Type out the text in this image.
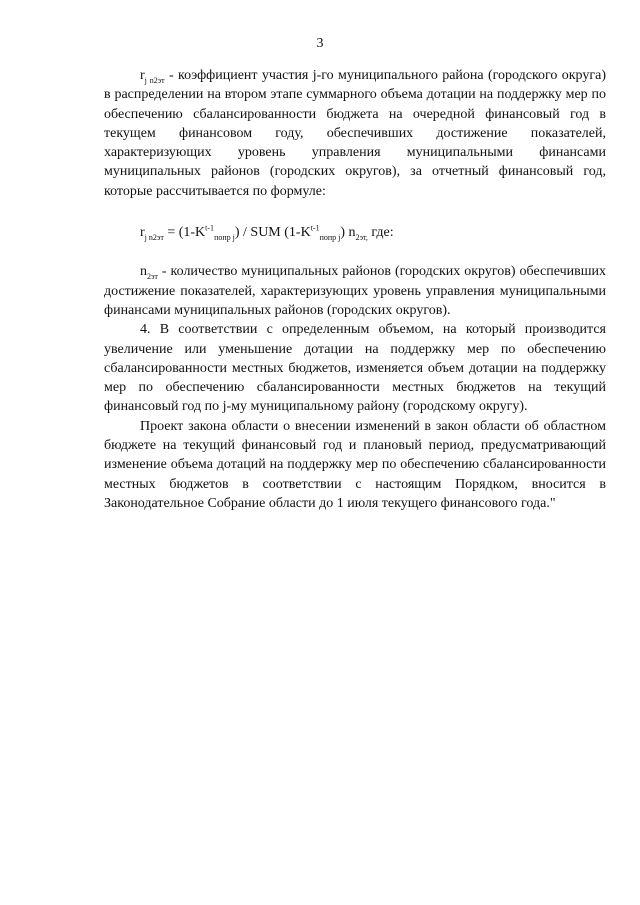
3

$r_{j n2эт}$ - коэффициент участия j-го муниципального района (городского округа) в распределении на втором этапе суммарного объема дотации на поддержку мер по обеспечению сбалансированности бюджета на очередной финансовый год в текущем финансовом году, обеспечивших достижение показателей, характеризующих уровень управления муниципальными финансами муниципальных районов (городских округов), за отчетный финансовый год, которые рассчитывается по формуле:

$r_{j n2эт} = (1-K^{t-1}_{попр j})$ / SUM $(1-K^{t-1}_{попр j})$ $n_{2эт,}$ где:

$n_{2эт}$ - количество муниципальных районов (городских округов) обеспечивших достижение показателей, характеризующих уровень управления муниципальными финансами муниципальных районов (городских округов).

4. В соответствии с определенным объемом, на который производится увеличение или уменьшение дотации на поддержку мер по обеспечению сбалансированности местных бюджетов, изменяется объем дотации на поддержку мер по обеспечению сбалансированности местных бюджетов на текущий финансовый год по j-му муниципальному району (городскому округу).

Проект закона области о внесении изменений в закон области об областном бюджете на текущий финансовый год и плановый период, предусматривающий изменение объема дотаций на поддержку мер по обеспечению сбалансированности местных бюджетов в соответствии с настоящим Порядком, вносится в Законодательное Собрание области до 1 июля текущего финансового года."
